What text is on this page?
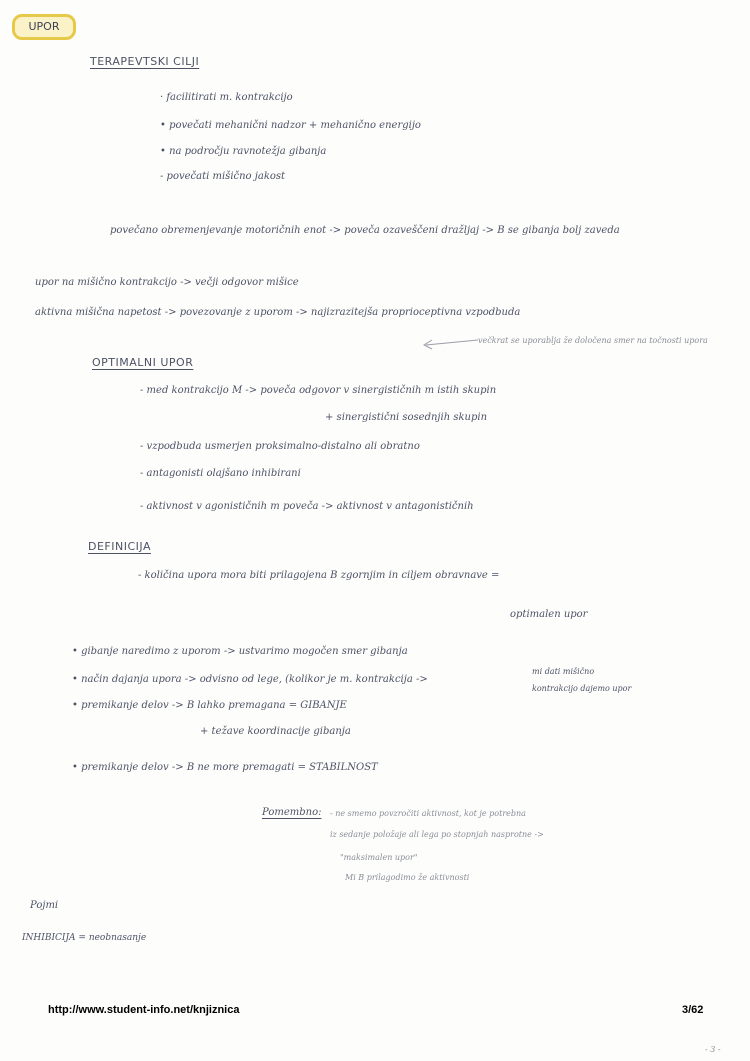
UPOR
TERAPEVTSKI CILJI
· facilitirati m. kontrakcijo
• povečati mehanični nadzor + mehanično energijo
• na področju ravnotežja gibanja
- povečati mišično jakost
povečano obremenjevanje motoričnih enot -> poveča ozaveščeni dražljaj -> B se gibanja bolj zaveda
upor na mišično kontrakcijo -> večji odgovor mišice
aktivna mišična napetost -> povezovanje z uporom -> najizrazitejša proprioceptivna vzpodbuda
večkrat se uporablja že določena smer na točnosti upora
OPTIMALNI UPOR
- med kontrakcijo M -> poveča odgovor v sinergističnih m istih skupin
+ sinergistični sosednjih skupin
- vzpodbuda usmerjen proksimalno-distalno ali obratno
- antagonisti olajšano inhibirani
- aktivnost v agonističnih m poveča -> aktivnost v antagonističnih
DEFINICIJA
- količina upora mora biti prilagojena B zgornjim in ciljem obravnave =
optimalen upor
• gibanje naredimo z uporom -> ustvarimo mogočen smer gibanja
• način dajanja upora -> odvisno od lege, (kolikor je m. kontrakcija ->
mi dati mišično
kontrakcijo dajemo upor
• premikanje delov -> B lahko premagana = GIBANJE
+ težave koordinacije gibanja
• premikanje delov -> B ne more premagati = STABILNOST
Pomembno: - ne smemo povzročiti aktivnost, kot je potrebna
iz sedanje položaje ali lega po stopnjah nasprotne ->
"maksimalen upor"
Mi B prilagodimo že aktivnosti
Pojmi
INHIBICIJA = neobnasanje
http://www.student-info.net/knjiznica	3/62
- 3 -
